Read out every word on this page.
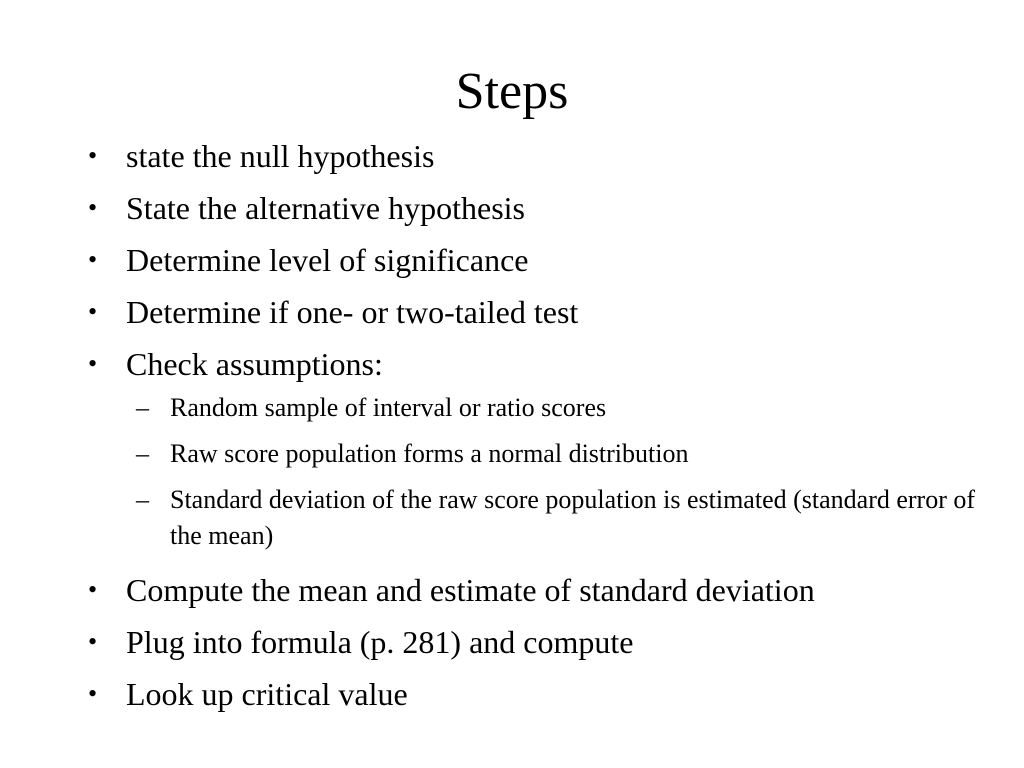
Steps
• state the null hypothesis
• State the alternative hypothesis
• Determine level of significance
• Determine if one- or two-tailed test
• Check assumptions:
– Random sample of interval or ratio scores
– Raw score population forms a normal distribution
– Standard deviation of the raw score population is estimated (standard error of the mean)
• Compute the mean and estimate of standard deviation
• Plug into formula (p. 281) and compute
• Look up critical value
